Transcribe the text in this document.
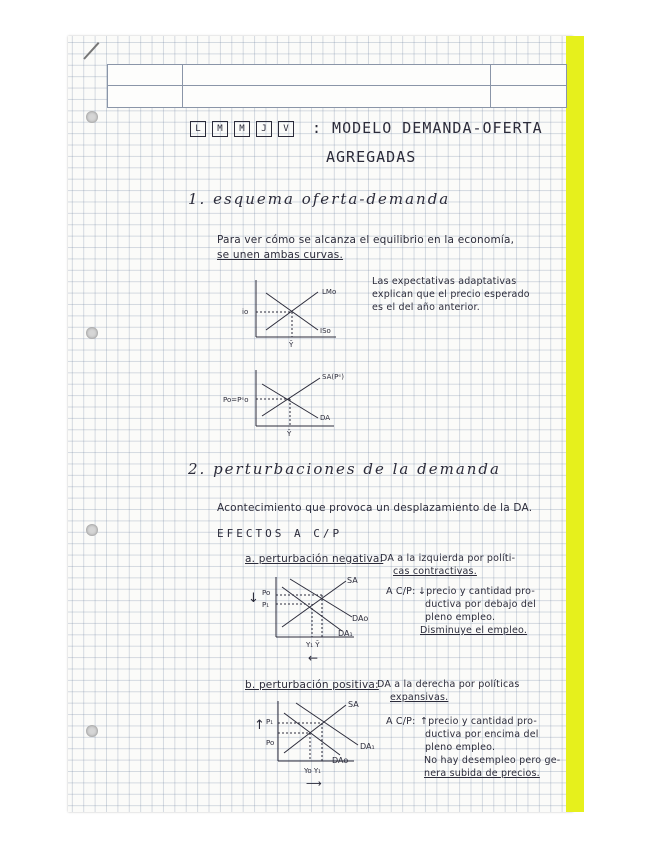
L	M	M	J	V	: MODELO DEMANDA-OFERTA
AGREGADAS
1. esquema oferta-demanda
Para ver cómo se alcanza el equilibrio en la economía,
se unen ambas curvas.
Las expectativas adaptativas
explican que el precio esperado
es el del año anterior.
LMo
ISo
io
Ȳ
SA(Pᵉ)
DA
Po=Pᵉo
Ȳ
2. perturbaciones de la demanda
Acontecimiento que provoca un desplazamiento de la DA.
EFECTOS A C/P
a. perturbación negativa:
DA a la izquierda por políti-
cas contractivas.
SA
DAo
DA₁
Po
P₁
Y₁ Ȳ
↓
←
A C/P: ↓precio y cantidad pro-
ductiva por debajo del
pleno empleo.
Disminuye el empleo.
b. perturbación positiva:
DA a la derecha por políticas
expansivas.
SA
DAo
DA₁
P₁
Po
Yo Y₁
↑
⟶
A C/P: ↑precio y cantidad pro-
ductiva por encima del
pleno empleo.
No hay desempleo pero ge-
nera subida de precios.
